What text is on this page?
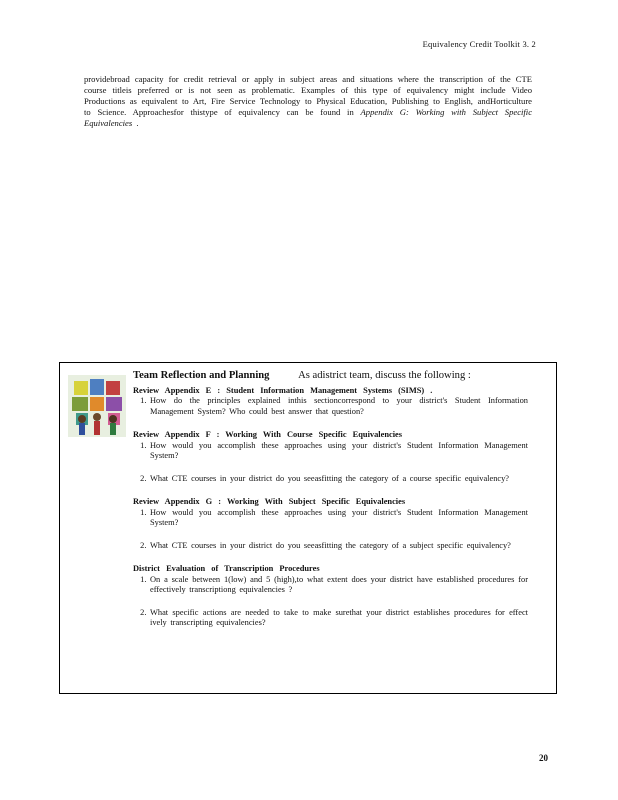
Equivalency Credit Toolkit 3. 2
providebroad capacity for credit retrieval or apply in subject areas and situations where the transcription of the CTE course titleis preferred or is not seen as problematic. Examples of this type of equivalency might include Video Productions as equivalent to Art, Fire Service Technology to Physical Education, Publishing to English, andHorticulture to Science. Approachesfor thistype of equivalency can be found in Appendix G: Working with Subject Specific Equivalencies .
Team Reflection and Planning	As adistrict team, discuss the following :
Review Appendix E : Student Information Management Systems (SIMS) .
1. How do the principles explained inthis sectioncorrespond to your district's Student Information Management System? Who could best answer that question?
Review Appendix F : Working With Course Specific Equivalencies
1. How would you accomplish these approaches using your district's Student Information Management System?
2. What CTE courses in your district do you seeasfitting the category of a course specific equivalency?
Review Appendix G : Working With Subject Specific Equivalencies
1. How would you accomplish these approaches using your district's Student Information Management System?
2. What CTE courses in your district do you seeasfitting the category of a subject specific equivalency?
District Evaluation of Transcription Procedures
1. On a scale between 1(low) and 5 (high),to what extent does your district have established procedures for effectively transcriptiong equivalencies ?
2. What specific actions are needed to take to make surethat your district establishes procedures for effect ively transcripting equivalencies?
20
